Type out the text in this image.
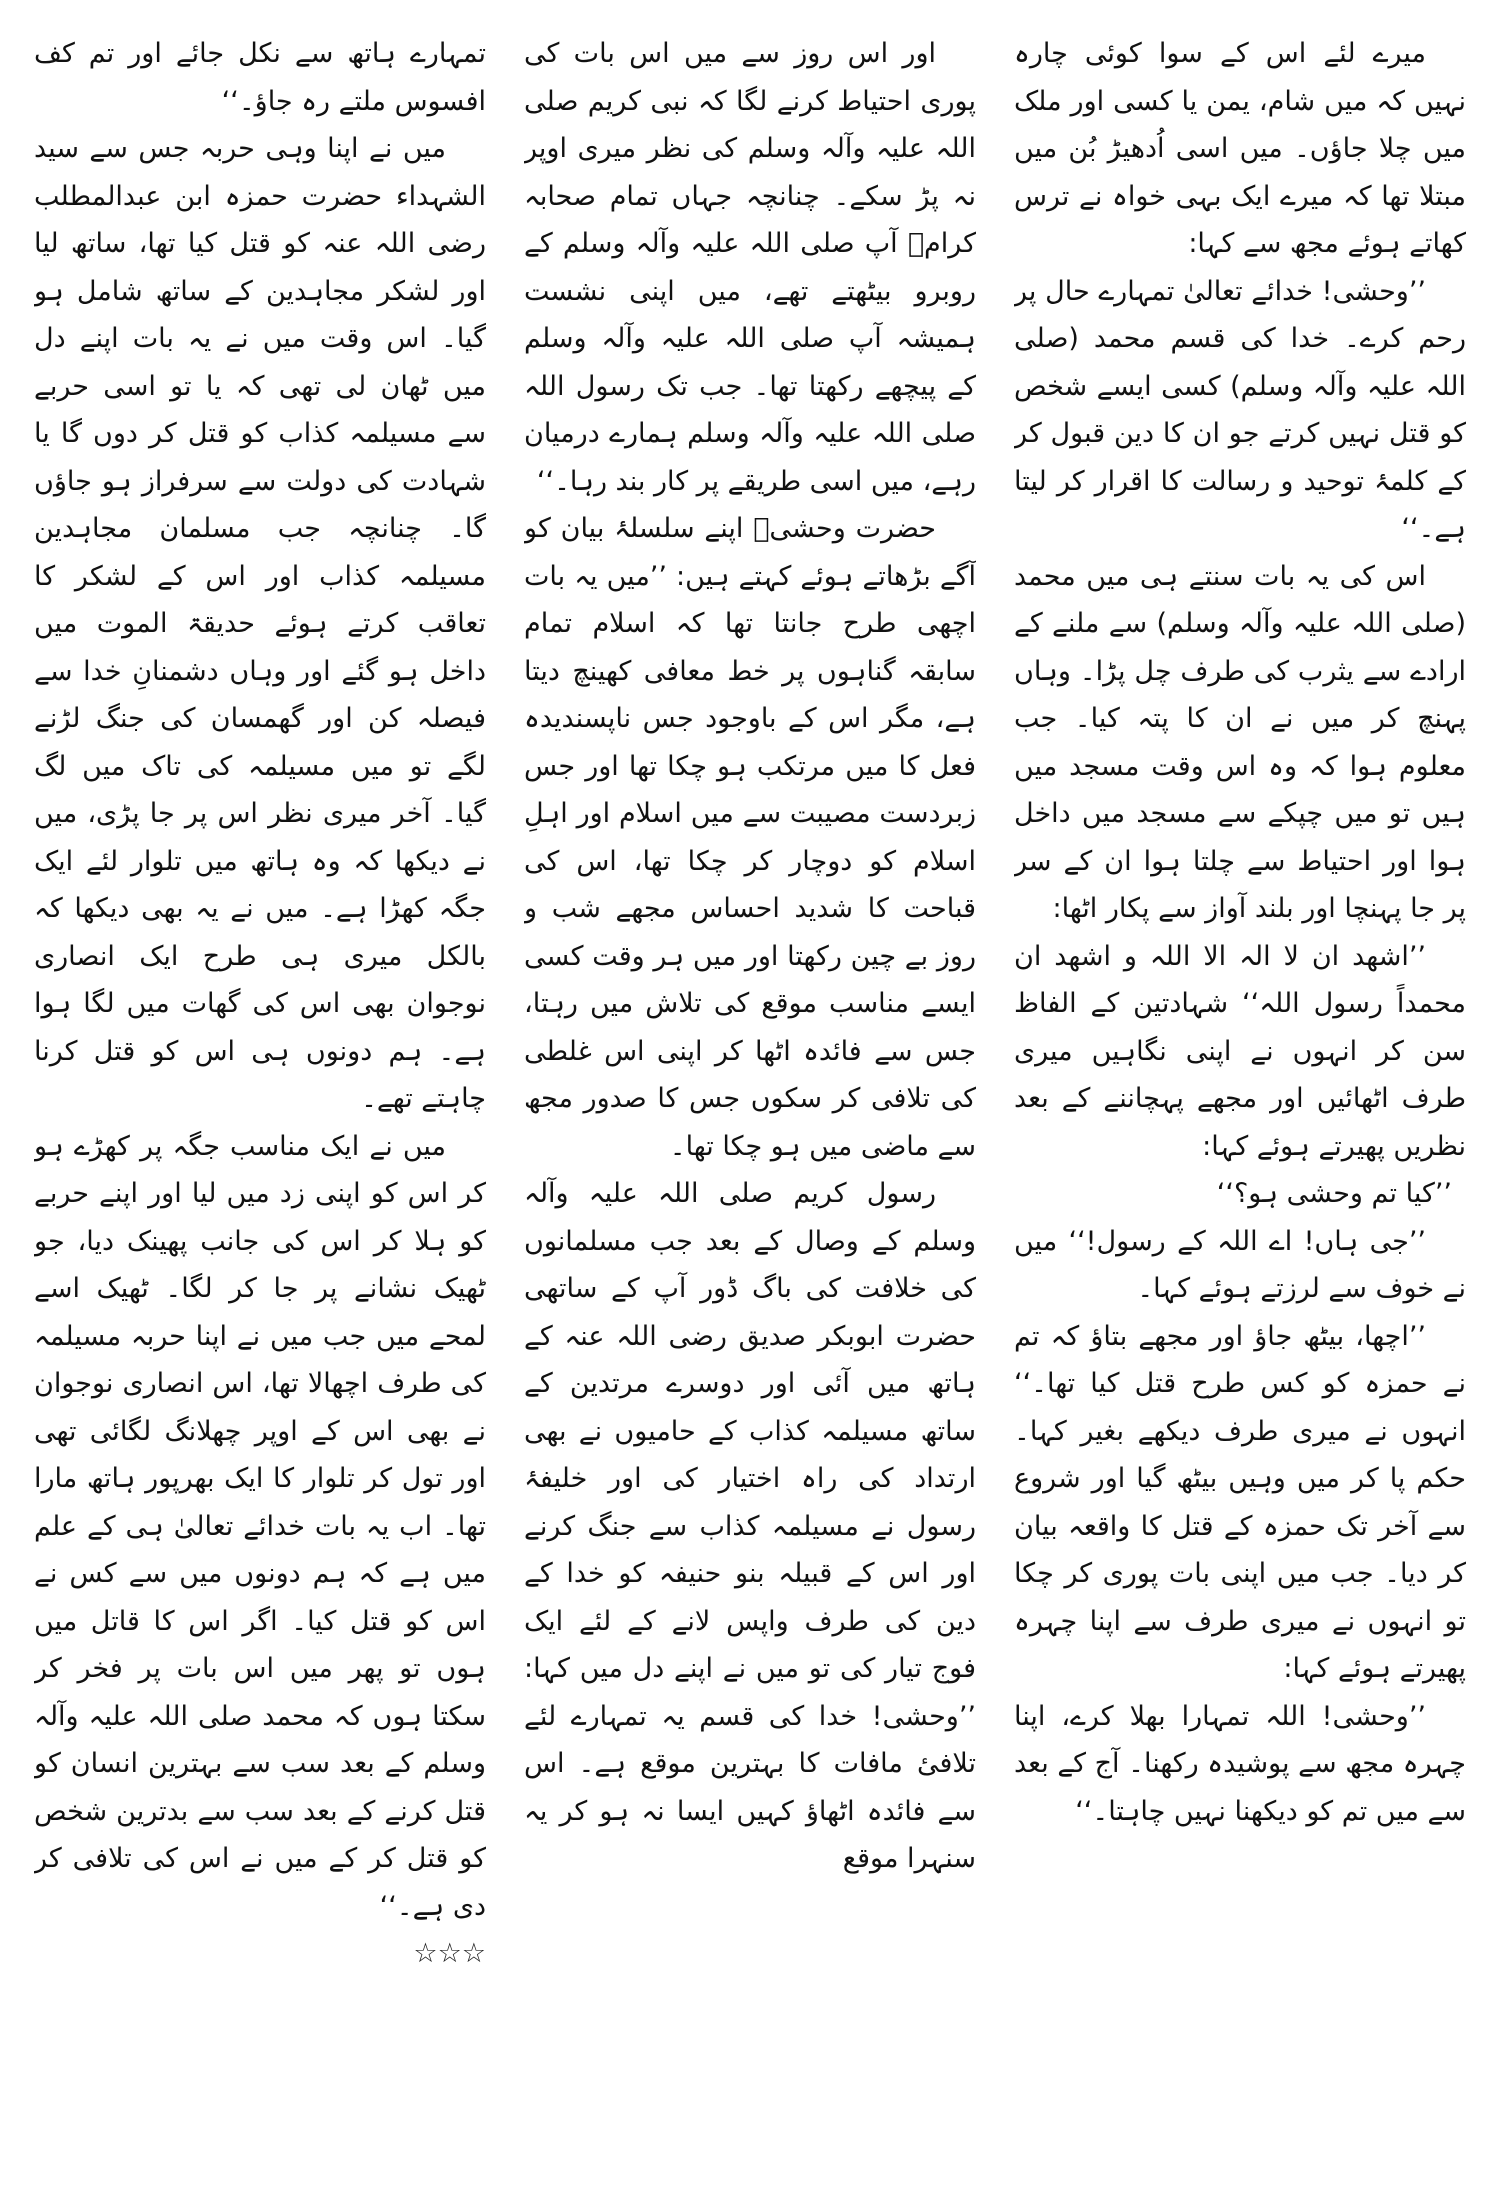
میرے لئے اس کے سوا کوئی چارہ نہیں کہ میں شام، یمن یا کسی اور ملک میں چلا جاؤں۔ میں اسی اُدھیڑ بُن میں مبتلا تھا کہ میرے ایک بہی خواہ نے ترس کھاتے ہوئے مجھ سے کہا:

’’وحشی! خدائے تعالیٰ تمہارے حال پر رحم کرے۔ خدا کی قسم محمد (صلی اللہ علیہ وآلہ وسلم) کسی ایسے شخص کو قتل نہیں کرتے جو ان کا دین قبول کر کے کلمۂ توحید و رسالت کا اقرار کر لیتا ہے۔‘‘

اس کی یہ بات سنتے ہی میں محمد (صلی اللہ علیہ وآلہ وسلم) سے ملنے کے ارادے سے یثرب کی طرف چل پڑا۔ وہاں پہنچ کر میں نے ان کا پتہ کیا۔ جب معلوم ہوا کہ وہ اس وقت مسجد میں ہیں تو میں چپکے سے مسجد میں داخل ہوا اور احتیاط سے چلتا ہوا ان کے سر پر جا پہنچا اور بلند آواز سے پکار اٹھا:

’’اشھد ان لا الہ الا اللہ و اشھد ان محمداً رسول اللہ‘‘ شہادتین کے الفاظ سن کر انہوں نے اپنی نگاہیں میری طرف اٹھائیں اور مجھے پہچاننے کے بعد نظریں پھیرتے ہوئے کہا:

’’کیا تم وحشی ہو؟‘‘

’’جی ہاں! اے اللہ کے رسول!‘‘ میں نے خوف سے لرزتے ہوئے کہا۔

’’اچھا، بیٹھ جاؤ اور مجھے بتاؤ کہ تم نے حمزہ کو کس طرح قتل کیا تھا۔‘‘ انہوں نے میری طرف دیکھے بغیر کہا۔ حکم پا کر میں وہیں بیٹھ گیا اور شروع سے آخر تک حمزہ کے قتل کا واقعہ بیان کر دیا۔ جب میں اپنی بات پوری کر چکا تو انہوں نے میری طرف سے اپنا چہرہ پھیرتے ہوئے کہا:

’’وحشی! اللہ تمہارا بھلا کرے، اپنا چہرہ مجھ سے پوشیدہ رکھنا۔ آج کے بعد سے میں تم کو دیکھنا نہیں چاہتا۔‘‘

اور اس روز سے میں اس بات کی پوری احتیاط کرنے لگا کہ نبی کریم صلی اللہ علیہ وآلہ وسلم کی نظر میری اوپر نہ پڑ سکے۔ چنانچہ جہاں تمام صحابہ کرامؓ آپ صلی اللہ علیہ وآلہ وسلم کے روبرو بیٹھتے تھے، میں اپنی نشست ہمیشہ آپ صلی اللہ علیہ وآلہ وسلم کے پیچھے رکھتا تھا۔ جب تک رسول اللہ صلی اللہ علیہ وآلہ وسلم ہمارے درمیان رہے، میں اسی طریقے پر کار بند رہا۔‘‘

حضرت وحشیؓ اپنے سلسلۂ بیان کو آگے بڑھاتے ہوئے کہتے ہیں: ’’میں یہ بات اچھی طرح جانتا تھا کہ اسلام تمام سابقہ گناہوں پر خط معافی کھینچ دیتا ہے، مگر اس کے باوجود جس ناپسندیدہ فعل کا میں مرتکب ہو چکا تھا اور جس زبردست مصیبت سے میں اسلام اور اہلِ اسلام کو دوچار کر چکا تھا، اس کی قباحت کا شدید احساس مجھے شب و روز بے چین رکھتا اور میں ہر وقت کسی ایسے مناسب موقع کی تلاش میں رہتا، جس سے فائدہ اٹھا کر اپنی اس غلطی کی تلافی کر سکوں جس کا صدور مجھ سے ماضی میں ہو چکا تھا۔

رسول کریم صلی اللہ علیہ وآلہ وسلم کے وصال کے بعد جب مسلمانوں کی خلافت کی باگ ڈور آپ کے ساتھی حضرت ابوبکر صدیق رضی اللہ عنہ کے ہاتھ میں آئی اور دوسرے مرتدین کے ساتھ مسیلمہ کذاب کے حامیوں نے بھی ارتداد کی راہ اختیار کی اور خلیفۂ رسول نے مسیلمہ کذاب سے جنگ کرنے اور اس کے قبیلہ بنو حنیفہ کو خدا کے دین کی طرف واپس لانے کے لئے ایک فوج تیار کی تو میں نے اپنے دل میں کہا: ’’وحشی! خدا کی قسم یہ تمہارے لئے تلافیٔ مافات کا بہترین موقع ہے۔ اس سے فائدہ اٹھاؤ کہیں ایسا نہ ہو کر یہ سنہرا موقع

تمہارے ہاتھ سے نکل جائے اور تم کف افسوس ملتے رہ جاؤ۔‘‘

میں نے اپنا وہی حربہ جس سے سید الشہداء حضرت حمزہ ابن عبدالمطلب رضی اللہ عنہ کو قتل کیا تھا، ساتھ لیا اور لشکر مجاہدین کے ساتھ شامل ہو گیا۔ اس وقت میں نے یہ بات اپنے دل میں ٹھان لی تھی کہ یا تو اسی حربے سے مسیلمہ کذاب کو قتل کر دوں گا یا شہادت کی دولت سے سرفراز ہو جاؤں گا۔ چنانچہ جب مسلمان مجاہدین مسیلمہ کذاب اور اس کے لشکر کا تعاقب کرتے ہوئے حدیقۃ الموت میں داخل ہو گئے اور وہاں دشمنانِ خدا سے فیصلہ کن اور گھمسان کی جنگ لڑنے لگے تو میں مسیلمہ کی تاک میں لگ گیا۔ آخر میری نظر اس پر جا پڑی، میں نے دیکھا کہ وہ ہاتھ میں تلوار لئے ایک جگہ کھڑا ہے۔ میں نے یہ بھی دیکھا کہ بالکل میری ہی طرح ایک انصاری نوجوان بھی اس کی گھات میں لگا ہوا ہے۔ ہم دونوں ہی اس کو قتل کرنا چاہتے تھے۔

میں نے ایک مناسب جگہ پر کھڑے ہو کر اس کو اپنی زد میں لیا اور اپنے حربے کو ہلا کر اس کی جانب پھینک دیا، جو ٹھیک نشانے پر جا کر لگا۔ ٹھیک اسے لمحے میں جب میں نے اپنا حربہ مسیلمہ کی طرف اچھالا تھا، اس انصاری نوجوان نے بھی اس کے اوپر چھلانگ لگائی تھی اور تول کر تلوار کا ایک بھرپور ہاتھ مارا تھا۔ اب یہ بات خدائے تعالیٰ ہی کے علم میں ہے کہ ہم دونوں میں سے کس نے اس کو قتل کیا۔ اگر اس کا قاتل میں ہوں تو پھر میں اس بات پر فخر کر سکتا ہوں کہ محمد صلی اللہ علیہ وآلہ وسلم کے بعد سب سے بہترین انسان کو قتل کرنے کے بعد سب سے بدترین شخص کو قتل کر کے میں نے اس کی تلافی کر دی ہے۔‘‘

☆☆☆
